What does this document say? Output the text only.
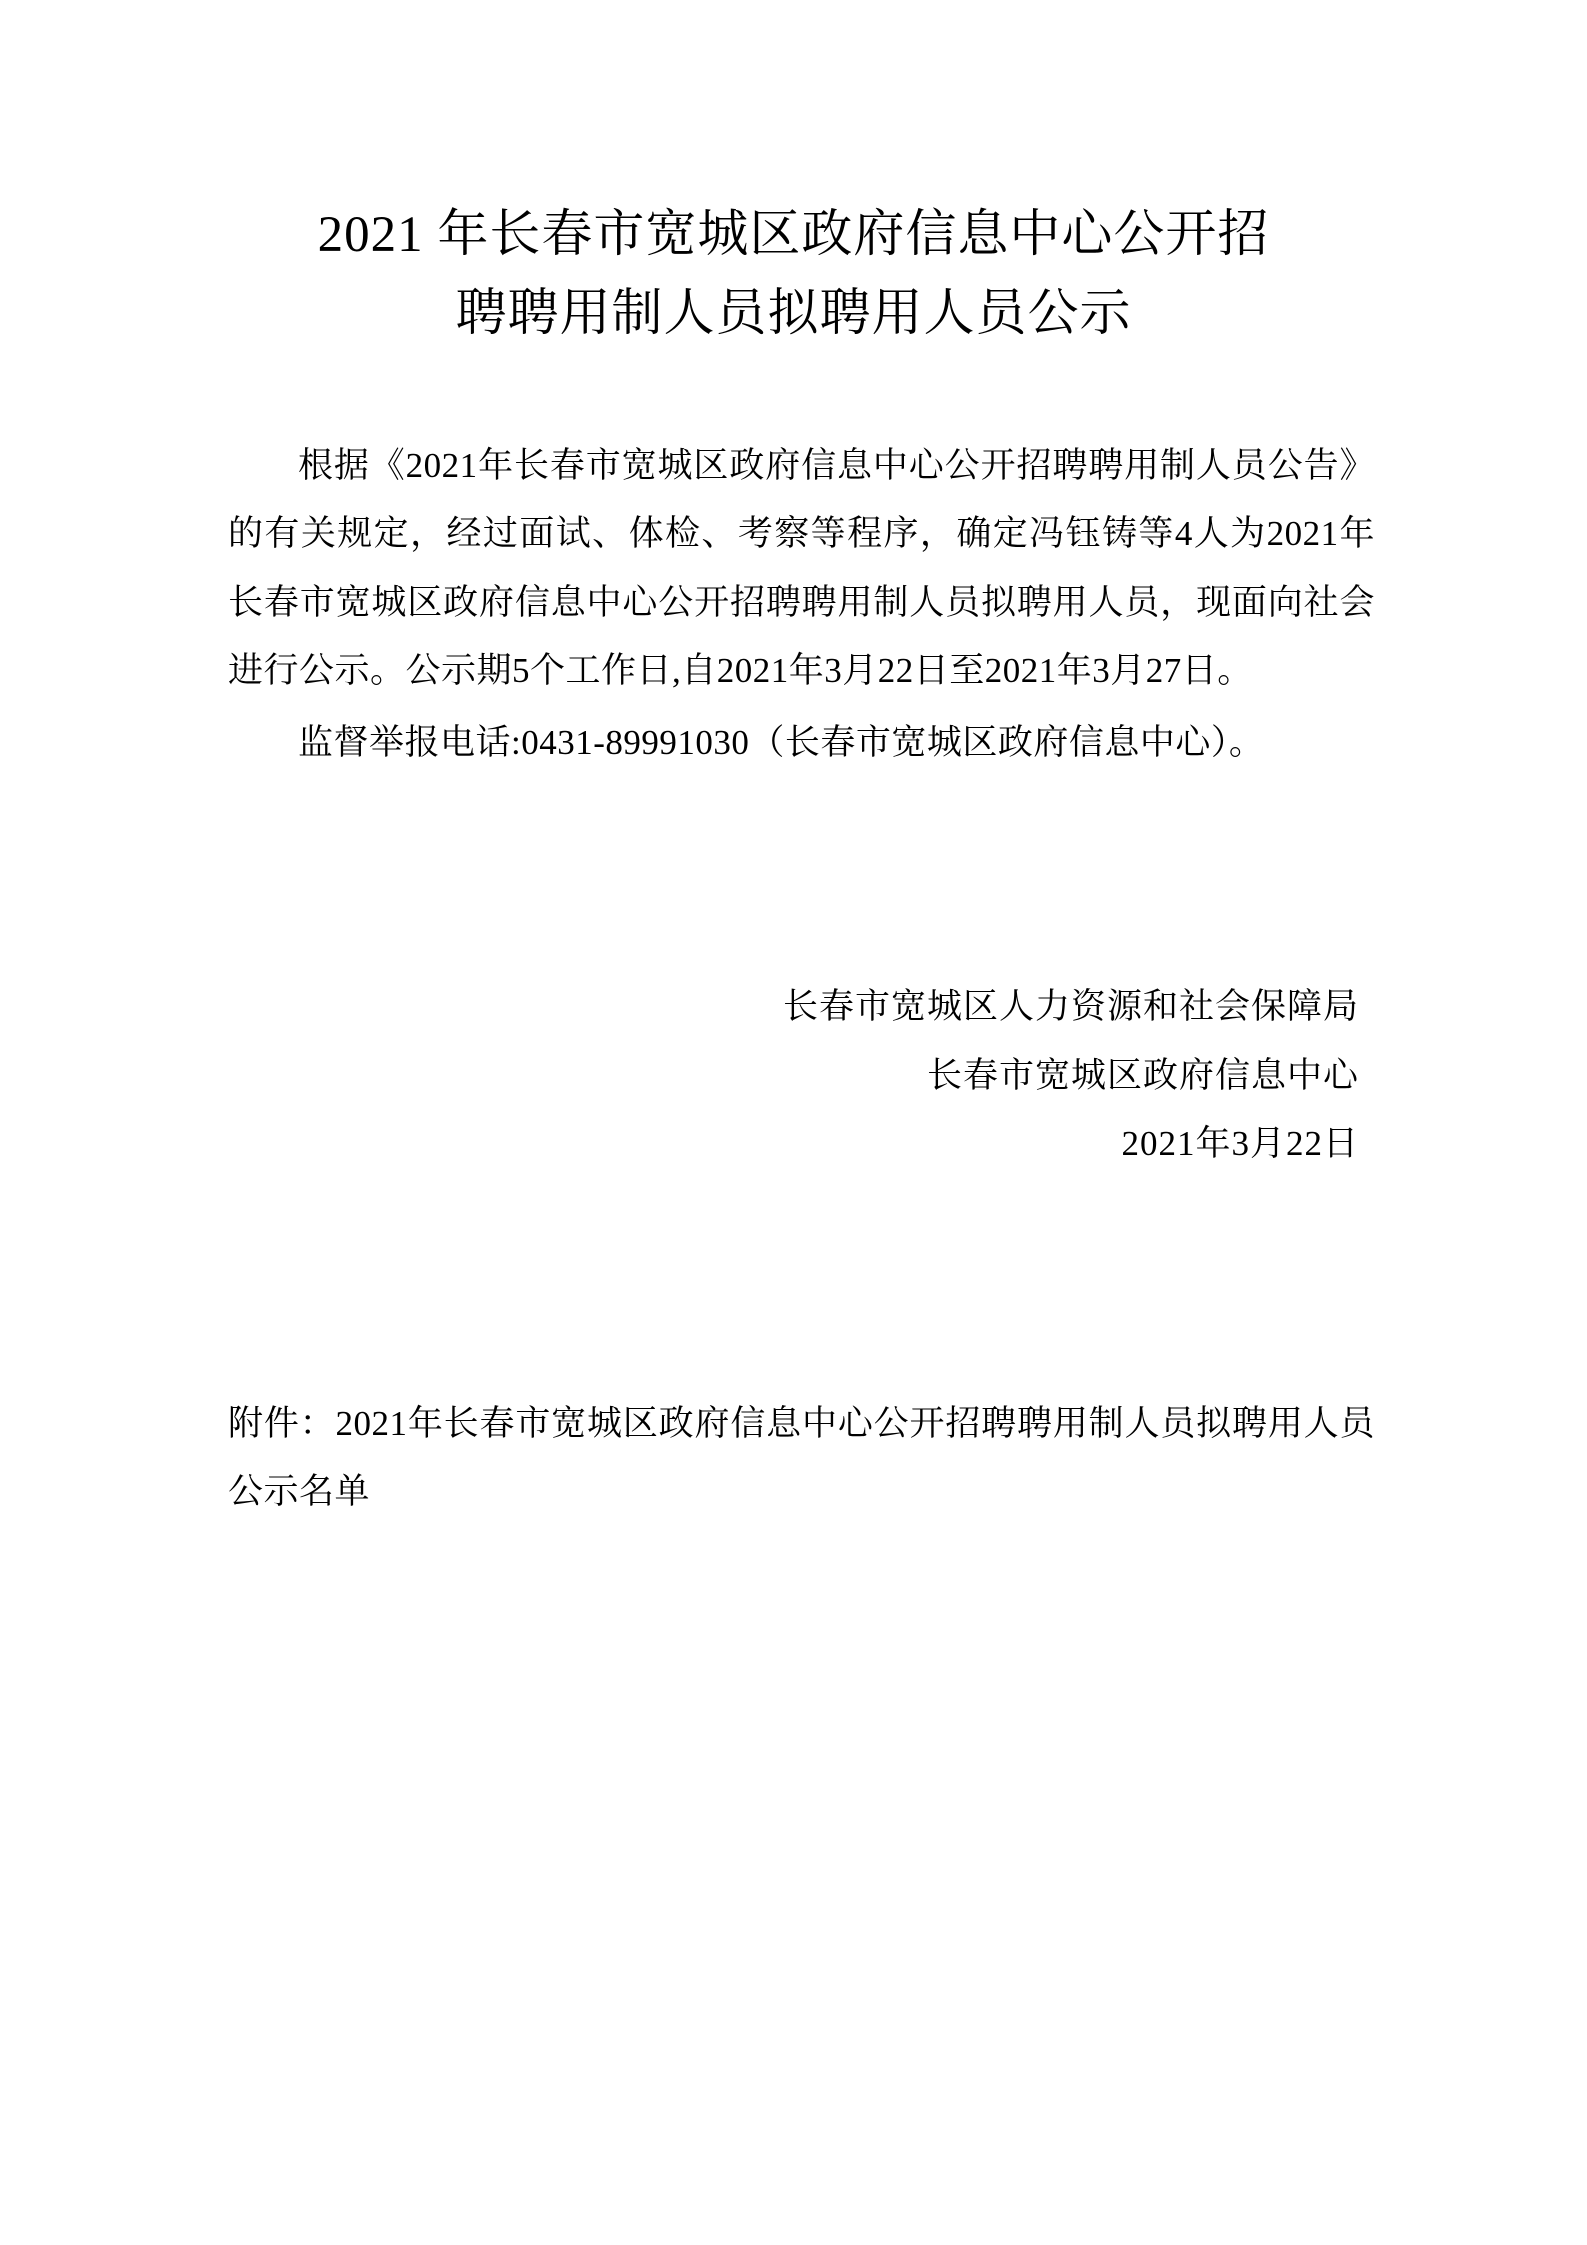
2021 年长春市宽城区政府信息中心公开招
聘聘用制人员拟聘用人员公示

根据《2021年长春市宽城区政府信息中心公开招聘聘用制人员公告》的有关规定，经过面试、体检、考察等程序，确定冯钰铸等4人为2021年长春市宽城区政府信息中心公开招聘聘用制人员拟聘用人员，现面向社会进行公示。公示期5个工作日,自2021年3月22日至2021年3月27日。

监督举报电话:0431-89991030（长春市宽城区政府信息中心）。

长春市宽城区人力资源和社会保障局
长春市宽城区政府信息中心
2021年3月22日

附件：2021年长春市宽城区政府信息中心公开招聘聘用制人员拟聘用人员公示名单
